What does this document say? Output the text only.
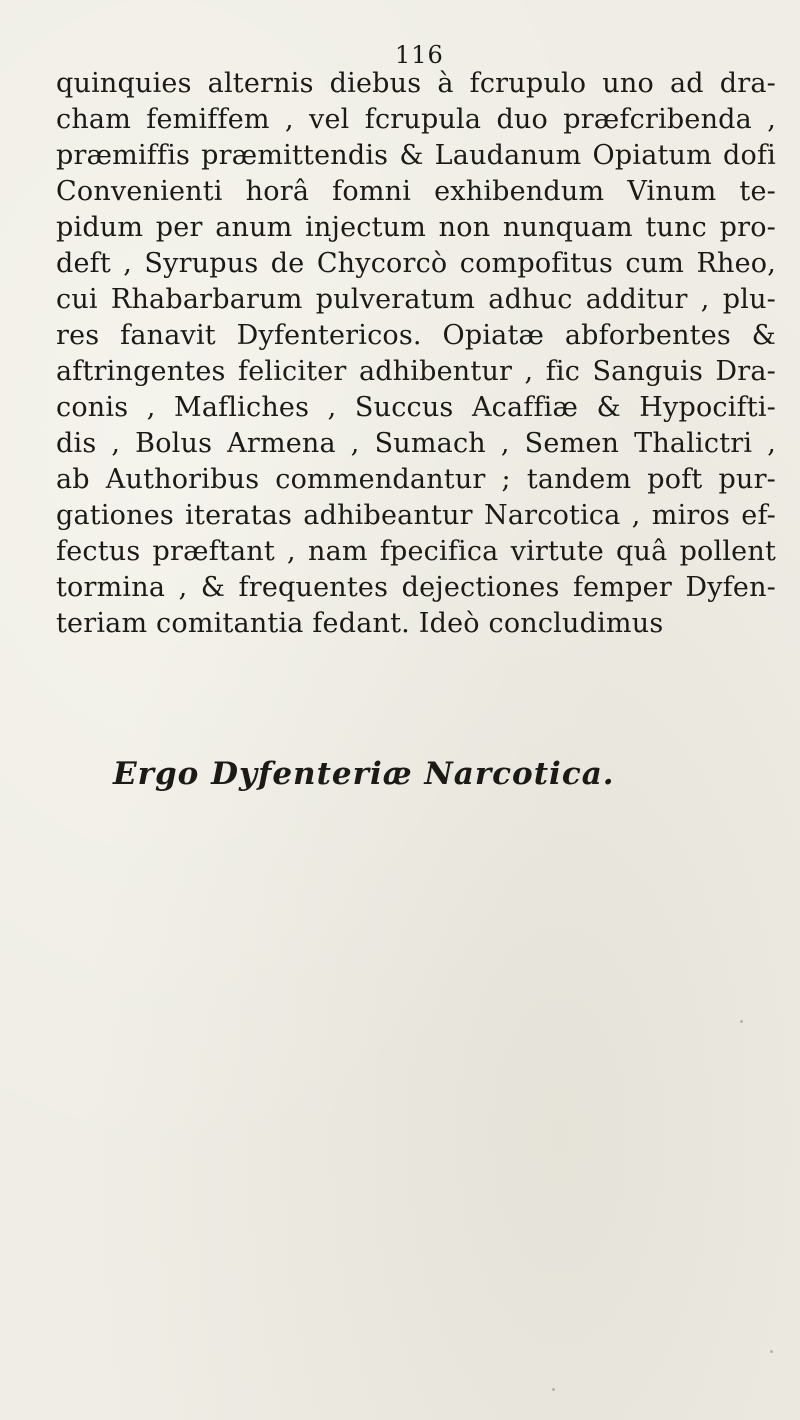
116
quinquies alternis diebus à fcrupulo uno ad dra-
cham femiffem , vel fcrupula duo præfcribenda ,
præmiffis præmittendis & Laudanum Opiatum dofi
Convenienti horâ fomni exhibendum Vinum te-
pidum per anum injectum non nunquam tunc pro-
deft , Syrupus de Chycorcò compofitus cum Rheo,
cui Rhabarbarum pulveratum adhuc additur , plu-
res fanavit Dyfentericos. Opiatæ abforbentes &
aftringentes feliciter adhibentur , fic Sanguis Dra-
conis , Mafliches , Succus Acaffiæ & Hypocifti-
dis , Bolus Armena , Sumach , Semen Thalictri ,
ab Authoribus commendantur ; tandem poft pur-
gationes iteratas adhibeantur Narcotica , miros ef-
fectus præftant , nam fpecifica virtute quâ pollent
tormina , & frequentes dejectiones femper Dyfen-
teriam comitantia fedant. Ideò concludimus
Ergo Dyfenteriæ Narcotica.
